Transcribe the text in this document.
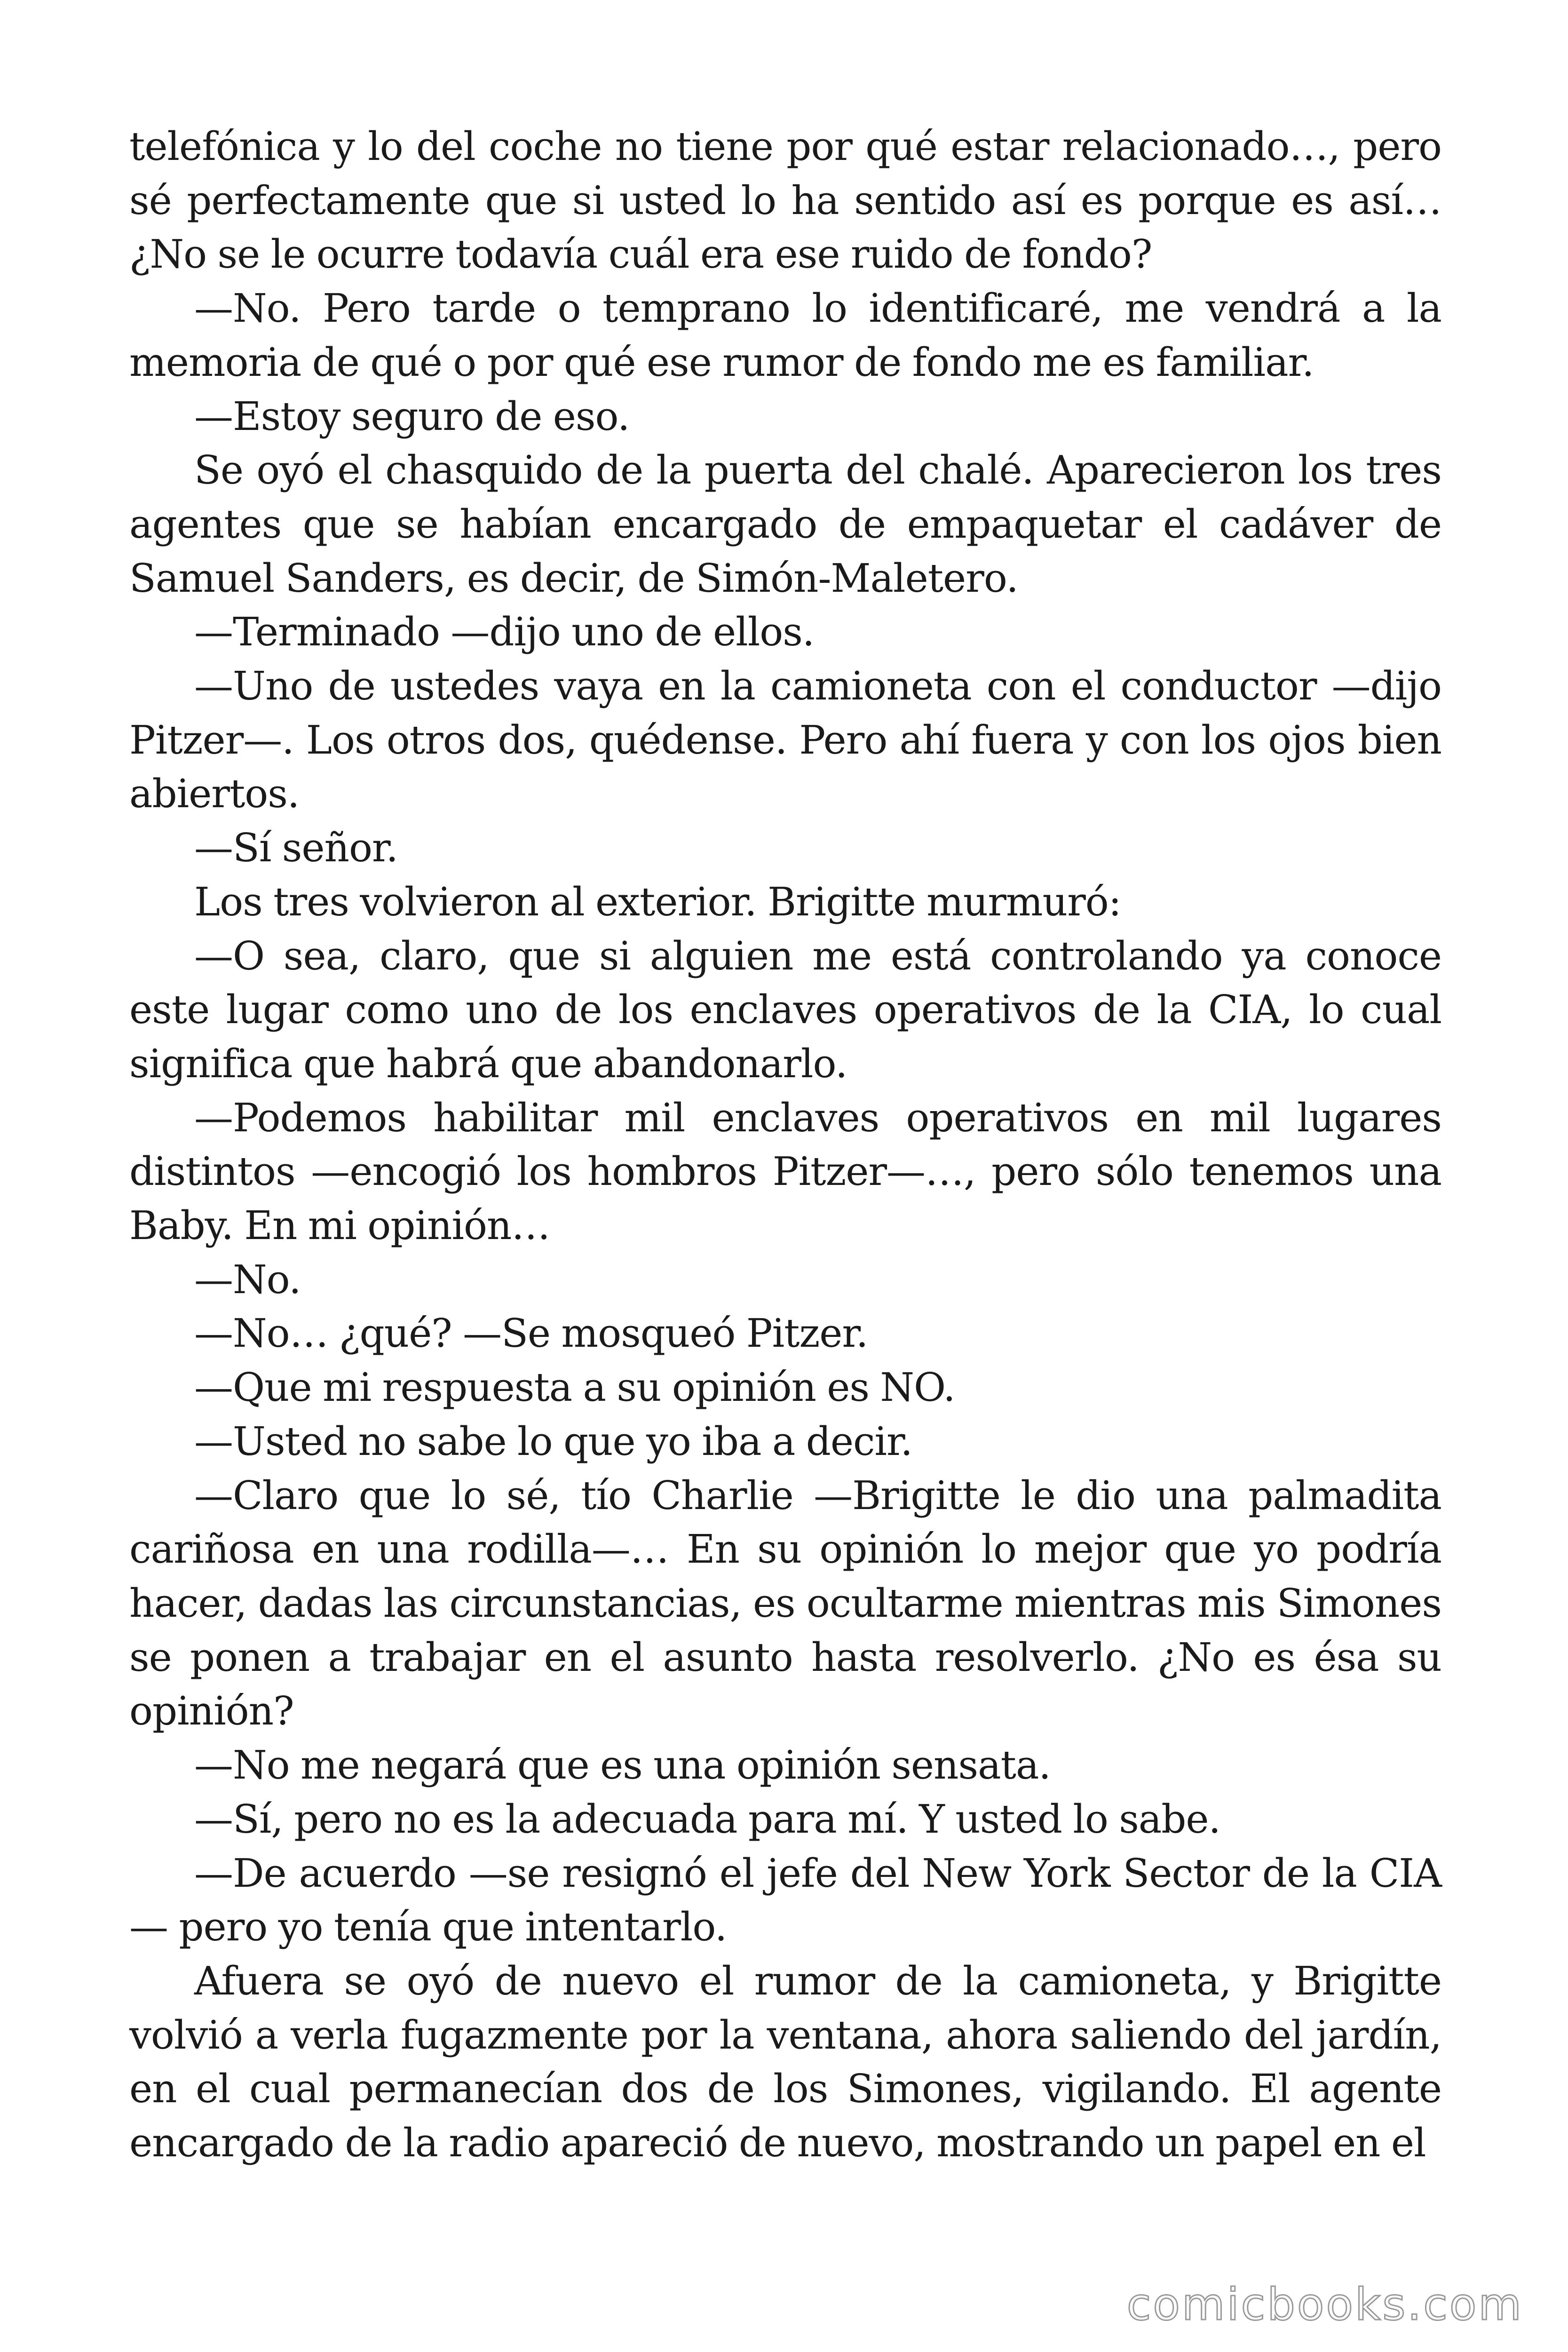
telefónica y lo del coche no tiene por qué estar relacionado…, pero sé perfectamente que si usted lo ha sentido así es porque es así… ¿No se le ocurre todavía cuál era ese ruido de fondo?

—No. Pero tarde o temprano lo identificaré, me vendrá a la memoria de qué o por qué ese rumor de fondo me es familiar.

—Estoy seguro de eso.

Se oyó el chasquido de la puerta del chalé. Aparecieron los tres agentes que se habían encargado de empaquetar el cadáver de Samuel Sanders, es decir, de Simón-Maletero.

—Terminado —dijo uno de ellos.

—Uno de ustedes vaya en la camioneta con el conductor —dijo Pitzer—. Los otros dos, quédense. Pero ahí fuera y con los ojos bien abiertos.

—Sí señor.

Los tres volvieron al exterior. Brigitte murmuró:

—O sea, claro, que si alguien me está controlando ya conoce este lugar como uno de los enclaves operativos de la CIA, lo cual significa que habrá que abandonarlo.

—Podemos habilitar mil enclaves operativos en mil lugares distintos —encogió los hombros Pitzer—…, pero sólo tenemos una Baby. En mi opinión…

—No.

—No… ¿qué? —Se mosqueó Pitzer.

—Que mi respuesta a su opinión es NO.

—Usted no sabe lo que yo iba a decir.

—Claro que lo sé, tío Charlie —Brigitte le dio una palmadita cariñosa en una rodilla—… En su opinión lo mejor que yo podría hacer, dadas las circunstancias, es ocultarme mientras mis Simones se ponen a trabajar en el asunto hasta resolverlo. ¿No es ésa su opinión?

—No me negará que es una opinión sensata.

—Sí, pero no es la adecuada para mí. Y usted lo sabe.

—De acuerdo —se resignó el jefe del New York Sector de la CIA — pero yo tenía que intentarlo.

Afuera se oyó de nuevo el rumor de la camioneta, y Brigitte volvió a verla fugazmente por la ventana, ahora saliendo del jardín, en el cual permanecían dos de los Simones, vigilando. El agente encargado de la radio apareció de nuevo, mostrando un papel en el

comicbooks.com
